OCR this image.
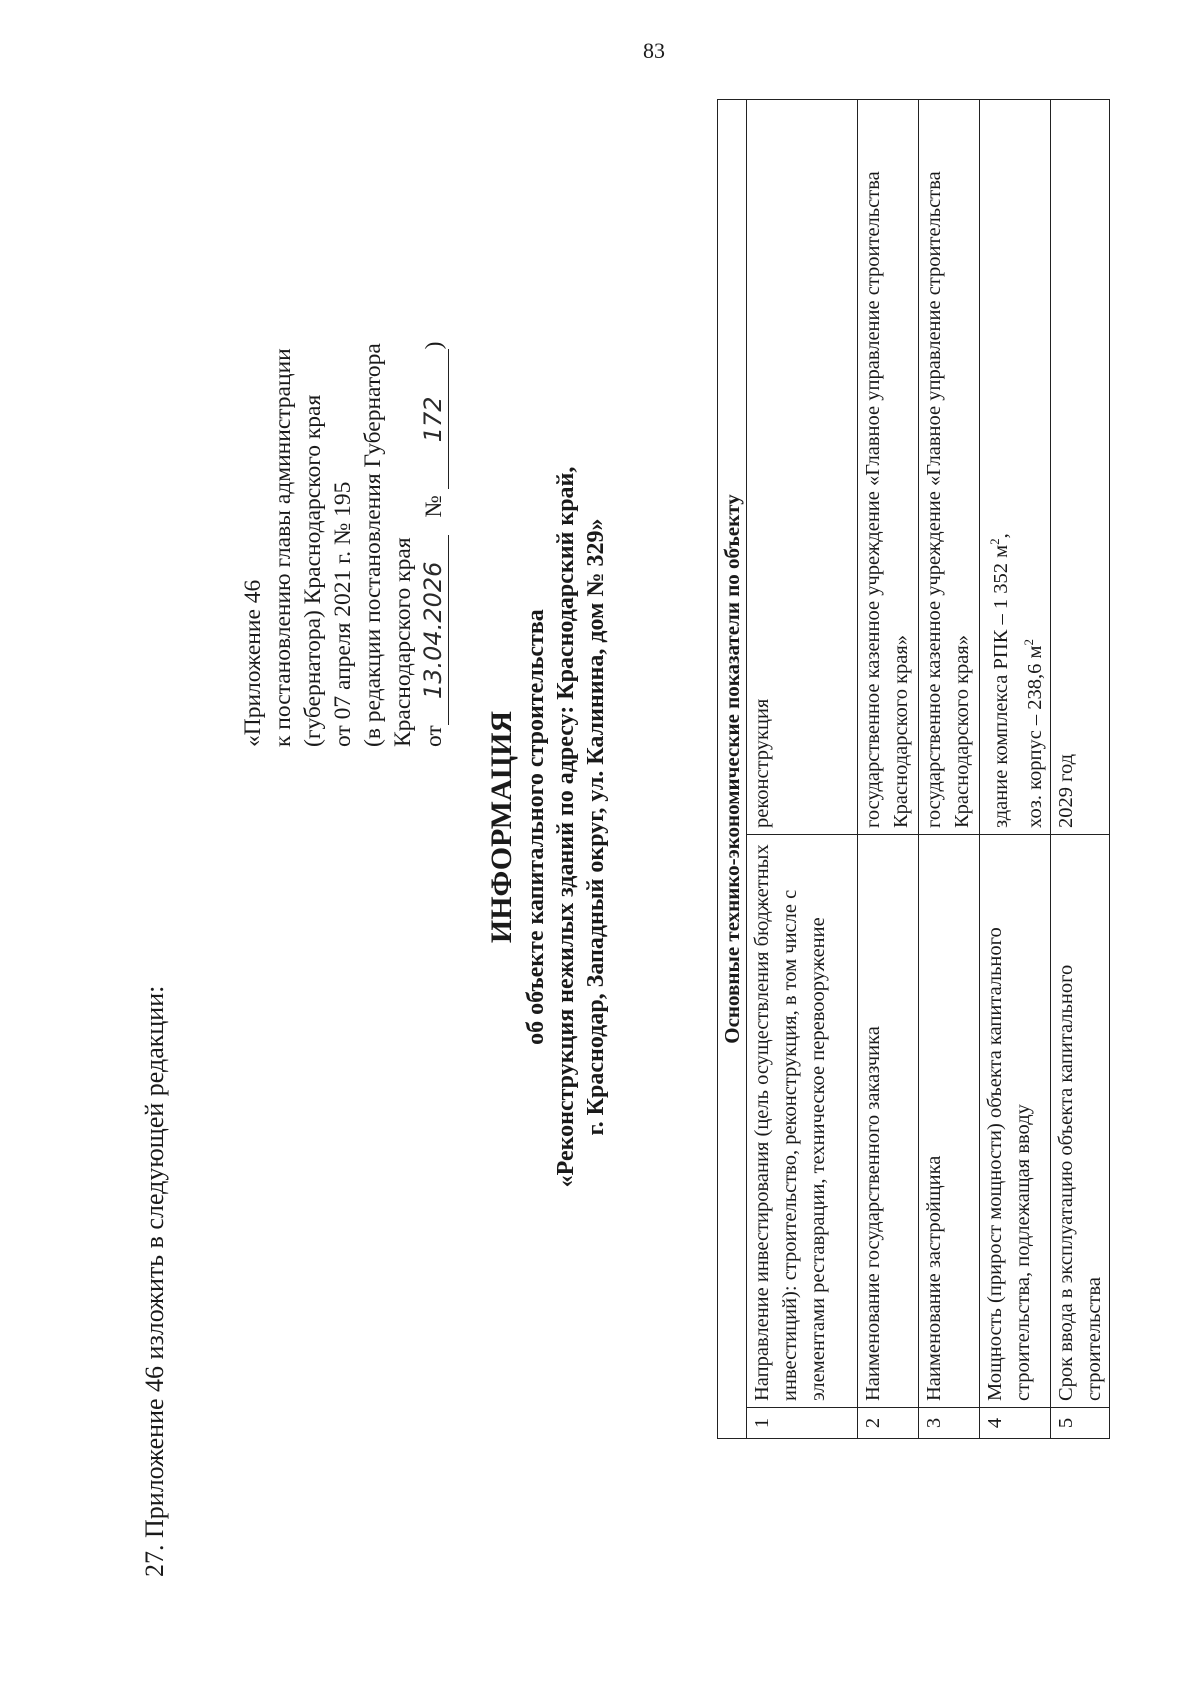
83
27. Приложение 46 изложить в следующей редакции:
«Приложение 46 к постановлению главы администрации (губернатора) Краснодарского края от 07 апреля 2021 г. № 195 (в редакции постановления Губернатора Краснодарского края от13.04.2026   № 172)
ИНФОРМАЦИЯ об объекте капитального строительства «Реконструкция нежилых зданий по адресу: Краснодарский край, г. Краснодар, Западный округ, ул. Калинина, дом № 329»	Основные технико-экономические показатели по объекту		
1	Направление инвестирования (цель осуществления бюджетных инвестиций): строительство, реконструкция, в том числе с элементами реставрации, техническое перевооружение	реконструкция
2	Наименование государственного заказчика	государственное казенное учреждение «Главное управление строительства Краснодарского края»
3	Наименование застройщика	государственное казенное учреждение «Главное управление строительства Краснодарского края»
4	Мощность (прирост мощности) объекта капитального строительства, подлежащая вводу	здание комплекса РПК – 1 352 $м^2$,
хоз. корпус – 238,6 $м^2$

5	Срок ввода в эксплуатацию объекта капитального строительства	2029 год
